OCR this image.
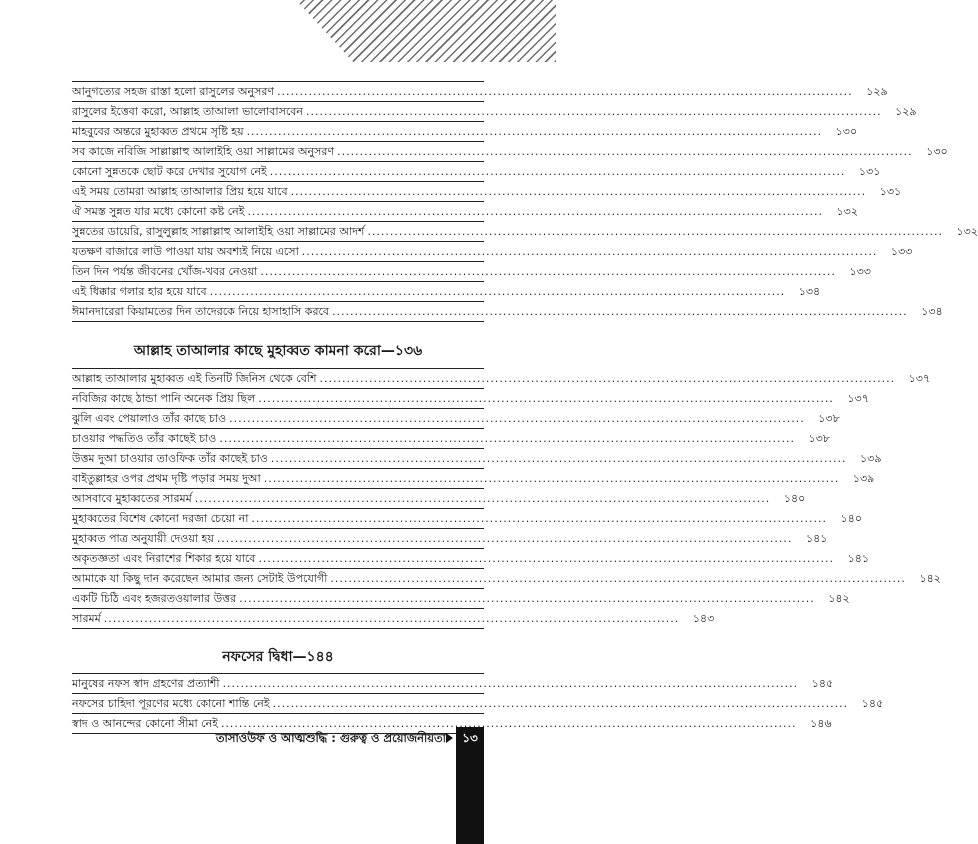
আনুগত্যের সহজ রাস্তা হলো রাসুলের অনুসরণ .....	১২৯
রাসুলের ইত্তেবা করো, আল্লাহ তাআলা ভালোবাসবেন .....	১২৯
মাহবুবের অন্তরে মুহাব্বত প্রথমে সৃষ্টি হয় .....	১৩০
সব কাজে নবিজি সাল্লাল্লাহু আলাইহি ওয়া সাল্লামের অনুসরণ .....	১৩০
কোনো সুন্নতকে ছোট করে দেখার সুযোগ নেই .....	১৩১
এই সময় তোমরা আল্লাহ তাআলার প্রিয় হয়ে যাবে .....	১৩১
ঐ সমস্ত সুন্নত যার মধ্যে কোনো কষ্ট নেই .....	১৩২
সুন্নতের ডায়েরি, রাসুলুল্লাহ সাল্লাল্লাহু আলাইহি ওয়া সাল্লামের আদর্শ .....	১৩২
যতক্ষণ বাজারে লাউ পাওয়া যায় অবশ্যই নিয়ে এসো .....	১৩৩
তিন দিন পর্যন্ত জীবনের খোঁজ-খবর নেওয়া .....	১৩৩
এই ধিক্কার গলার হার হয়ে যাবে .....	১৩৪
ঈমানদারেরা কিয়ামতের দিন তাদেরকে নিয়ে হাসাহাসি করবে .....	১৩৪
আল্লাহ তাআলার কাছে মুহাব্বত কামনা করো—১৩৬
আল্লাহ তাআলার মুহাব্বত এই তিনটি জিনিস থেকে বেশি .....	১৩৭
নবিজির কাছে ঠান্ডা পানি অনেক প্রিয় ছিল .....	১৩৭
ঝুলি এবং পেয়ালাও তাঁর কাছে চাও .....	১৩৮
চাওয়ার পদ্ধতিও তাঁর কাছেই চাও .....	১৩৮
উত্তম দুআ চাওয়ার তাওফিক তাঁর কাছেই চাও .....	১৩৯
বাইতুল্লাহর ওপর প্রথম দৃষ্টি পড়ার সময় দুআ .....	১৩৯
আসবাবে মুহাব্বতের সারমর্ম .....	১৪০
মুহাব্বতের বিশেষ কোনো দরজা চেয়ো না .....	১৪০
মুহাব্বত পাত্র অনুযায়ী দেওয়া হয় .....	১৪১
অকৃতজ্ঞতা এবং নিরাশের শিকার হয়ে যাবে .....	১৪১
আমাকে যা কিছু দান করেছেন আমার জন্য সেটাই উপযোগী .....	১৪২
একটি চিঠি এবং হজরতওয়ালার উত্তর .....	১৪২
সারমর্ম .....	১৪৩
নফসের দ্বিধা—১৪৪
মানুষের নফস স্বাদ গ্রহণের প্রত্যাশী .....	১৪৫
নফসের চাহিদা পূরণের মধ্যে কোনো শান্তি নেই .....	১৪৫
স্বাদ ও আনন্দের কোনো সীমা নেই .....	১৪৬
তাসাওউফ ও আত্মশুদ্ধি : গুরুত্ব ও প্রয়োজনীয়তা	১৩
